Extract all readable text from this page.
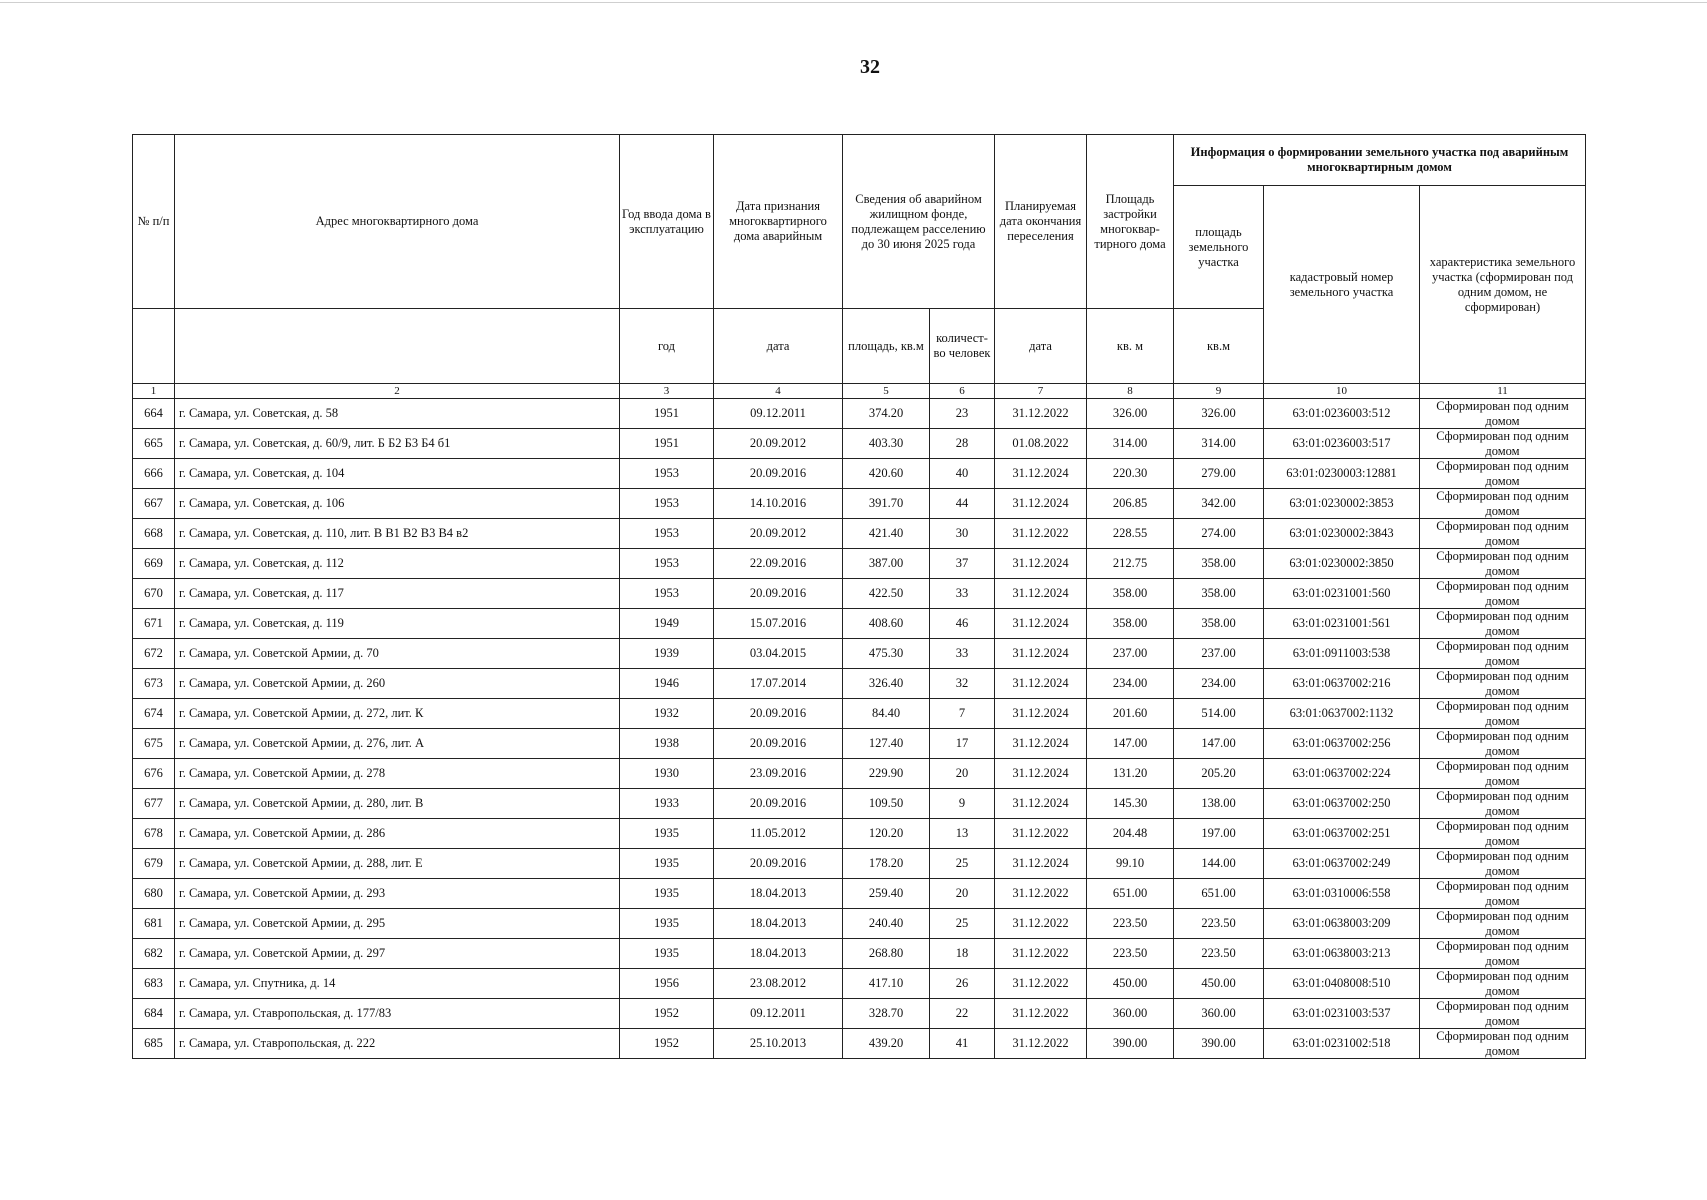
32
№ п/п	Адрес многоквартирного дома	Год ввода дома в эксплуатацию	Дата признания многоквартирного дома аварийным	Сведения об аварийном жилищном фонде, подлежащем расселению до 30 июня 2025 года		Планируемая дата окончания переселения	Площадь застройки многоквар-тирного дома	Информация о формировании земельного участка под аварийным многоквартирным домом		
								площадь земельного участка	кадастровый номер земельного участка	характеристика земельного участка (сформирован под одним домом, не сформирован)
		год	дата	площадь, кв.м	количест-во человек	дата	кв. м	кв.м		
1	2	3	4	5	6	7	8	9	10	11
664	г. Самара, ул. Советская, д. 58	1951	09.12.2011	374.20	23	31.12.2022	326.00	326.00	63:01:0236003:512	Сформирован под одним домом

665	г. Самара, ул. Советская, д. 60/9, лит. Б Б2 Б3 Б4 б1	1951	20.09.2012	403.30	28	01.08.2022	314.00	314.00	63:01:0236003:517	Сформирован под одним домом

666	г. Самара, ул. Советская, д. 104	1953	20.09.2016	420.60	40	31.12.2024	220.30	279.00	63:01:0230003:12881	Сформирован под одним домом

667	г. Самара, ул. Советская, д. 106	1953	14.10.2016	391.70	44	31.12.2024	206.85	342.00	63:01:0230002:3853	Сформирован под одним домом

668	г. Самара, ул. Советская, д. 110, лит. В В1 В2 В3 В4 в2	1953	20.09.2012	421.40	30	31.12.2022	228.55	274.00	63:01:0230002:3843	Сформирован под одним домом

669	г. Самара, ул. Советская, д. 112	1953	22.09.2016	387.00	37	31.12.2024	212.75	358.00	63:01:0230002:3850	Сформирован под одним домом

670	г. Самара, ул. Советская, д. 117	1953	20.09.2016	422.50	33	31.12.2024	358.00	358.00	63:01:0231001:560	Сформирован под одним домом

671	г. Самара, ул. Советская, д. 119	1949	15.07.2016	408.60	46	31.12.2024	358.00	358.00	63:01:0231001:561	Сформирован под одним домом

672	г. Самара, ул. Советской Армии, д. 70	1939	03.04.2015	475.30	33	31.12.2024	237.00	237.00	63:01:0911003:538	Сформирован под одним домом

673	г. Самара, ул. Советской Армии, д. 260	1946	17.07.2014	326.40	32	31.12.2024	234.00	234.00	63:01:0637002:216	Сформирован под одним домом

674	г. Самара, ул. Советской Армии, д. 272, лит. К	1932	20.09.2016	84.40	7	31.12.2024	201.60	514.00	63:01:0637002:1132	Сформирован под одним домом

675	г. Самара, ул. Советской Армии, д. 276, лит. А	1938	20.09.2016	127.40	17	31.12.2024	147.00	147.00	63:01:0637002:256	Сформирован под одним домом

676	г. Самара, ул. Советской Армии, д. 278	1930	23.09.2016	229.90	20	31.12.2024	131.20	205.20	63:01:0637002:224	Сформирован под одним домом

677	г. Самара, ул. Советской Армии, д. 280, лит. В	1933	20.09.2016	109.50	9	31.12.2024	145.30	138.00	63:01:0637002:250	Сформирован под одним домом

678	г. Самара, ул. Советской Армии, д. 286	1935	11.05.2012	120.20	13	31.12.2022	204.48	197.00	63:01:0637002:251	Сформирован под одним домом

679	г. Самара, ул. Советской Армии, д. 288, лит. Е	1935	20.09.2016	178.20	25	31.12.2024	99.10	144.00	63:01:0637002:249	Сформирован под одним домом

680	г. Самара, ул. Советской Армии, д. 293	1935	18.04.2013	259.40	20	31.12.2022	651.00	651.00	63:01:0310006:558	Сформирован под одним домом

681	г. Самара, ул. Советской Армии, д. 295	1935	18.04.2013	240.40	25	31.12.2022	223.50	223.50	63:01:0638003:209	Сформирован под одним домом

682	г. Самара, ул. Советской Армии, д. 297	1935	18.04.2013	268.80	18	31.12.2022	223.50	223.50	63:01:0638003:213	Сформирован под одним домом

683	г. Самара, ул. Спутника, д. 14	1956	23.08.2012	417.10	26	31.12.2022	450.00	450.00	63:01:0408008:510	Сформирован под одним домом

684	г. Самара, ул. Ставропольская, д. 177/83	1952	09.12.2011	328.70	22	31.12.2022	360.00	360.00	63:01:0231003:537	Сформирован под одним домом

685	г. Самара, ул. Ставропольская, д. 222	1952	25.10.2013	439.20	41	31.12.2022	390.00	390.00	63:01:0231002:518	Сформирован под одним домом
